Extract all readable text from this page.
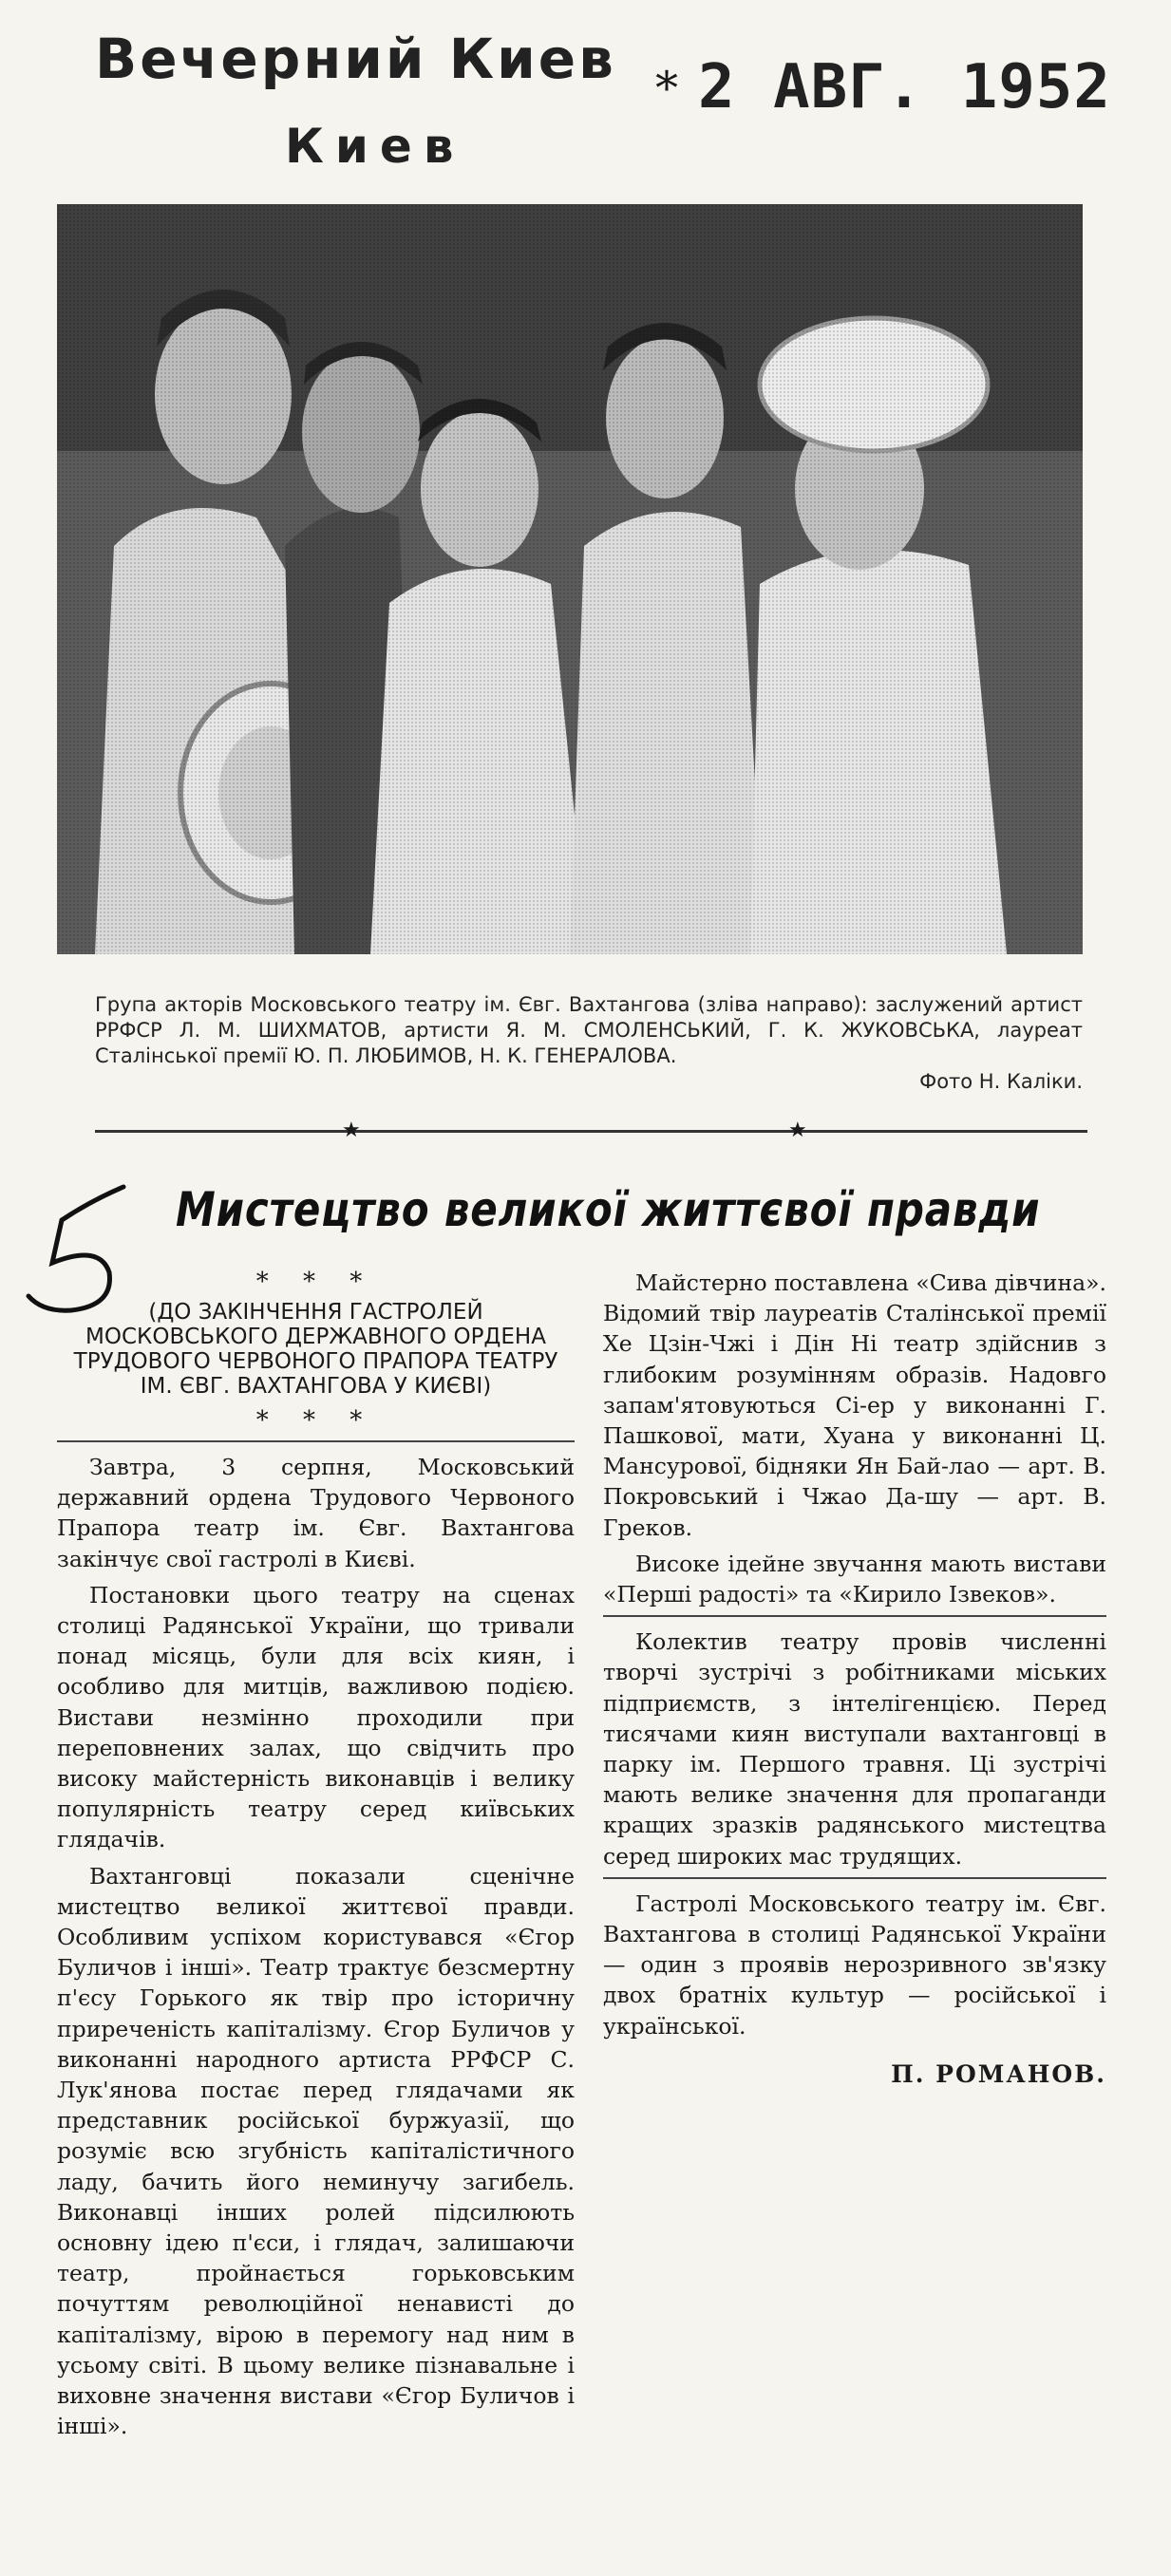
Вечерний Киев
Киев
* 2 АВГ. 1952
Група акторів Московського театру ім. Євг. Вахтангова (зліва направо): заслужений артист РРФСР Л. М. ШИХМАТОВ, артисти Я. М. СМОЛЕНСЬКИЙ, Г. К. ЖУКОВСЬКА, лауреат Сталінської премії Ю. П. ЛЮБИМОВ, Н. К. ГЕНЕРАЛОВА.
Фото Н. Каліки.
★	★
Мистецтво великої життєвої правди

* * *

(ДО ЗАКІНЧЕННЯ ГАСТРОЛЕЙ МОСКОВСЬКОГО ДЕРЖАВНОГО ОРДЕНА ТРУДОВОГО ЧЕРВОНОГО ПРАПОРА ТЕАТРУ ІМ. ЄВГ. ВАХТАНГОВА У КИЄВІ)

* * *

Завтра, 3 серпня, Московський державний ордена Трудового Червоного Прапора театр ім. Євг. Вахтангова закінчує свої гастролі в Києві.

Постановки цього театру на сценах столиці Радянської України, що тривали понад місяць, були для всіх киян, і особливо для митців, важливою подією. Вистави незмінно проходили при переповнених залах, що свідчить про високу майстерність виконавців і велику популярність театру серед київських глядачів.

Вахтанговці показали сценічне мистецтво великої життєвої правди. Особливим успіхом користувався «Єгор Буличов і інші». Театр трактує безсмертну п'єсу Горького як твір про історичну приреченість капіталізму. Єгор Буличов у виконанні народного артиста РРФСР С. Лук'янова постає перед глядачами як представник російської буржуазії, що розуміє всю згубність капіталістичного ладу, бачить його неминучу загибель. Виконавці інших ролей підсилюють основну ідею п'єси, і глядач, залишаючи театр, пройнається горьковським почуттям революційної ненависті до капіталізму, вірою в перемогу над ним в усьому світі. В цьому велике пізнавальне і виховне значення вистави «Єгор Буличов і інші».

Майстерно поставлена «Сива дівчина». Відомий твір лауреатів Сталінської премії Хе Цзін-Чжі і Дін Ні театр здійснив з глибоким розумінням образів. Надовго запам'ятовуються Сі-ер у виконанні Г. Пашкової, мати, Хуана у виконанні Ц. Мансурової, бідняки Ян Бай-лао — арт. В. Покровський і Чжао Да-шу — арт. В. Греков.

Високе ідейне звучання мають вистави «Перші радості» та «Кирило Ізвеков».

Колектив театру провів численні творчі зустрічі з робітниками міських підприємств, з інтелігенцією. Перед тисячами киян виступали вахтанговці в парку ім. Першого травня. Ці зустрічі мають велике значення для пропаганди кращих зразків радянського мистецтва серед широких мас трудящих.

Гастролі Московського театру ім. Євг. Вахтангова в столиці Радянської України — один з проявів нерозривного зв'язку двох братніх культур — російської і української.

П. РОМАНОВ.
